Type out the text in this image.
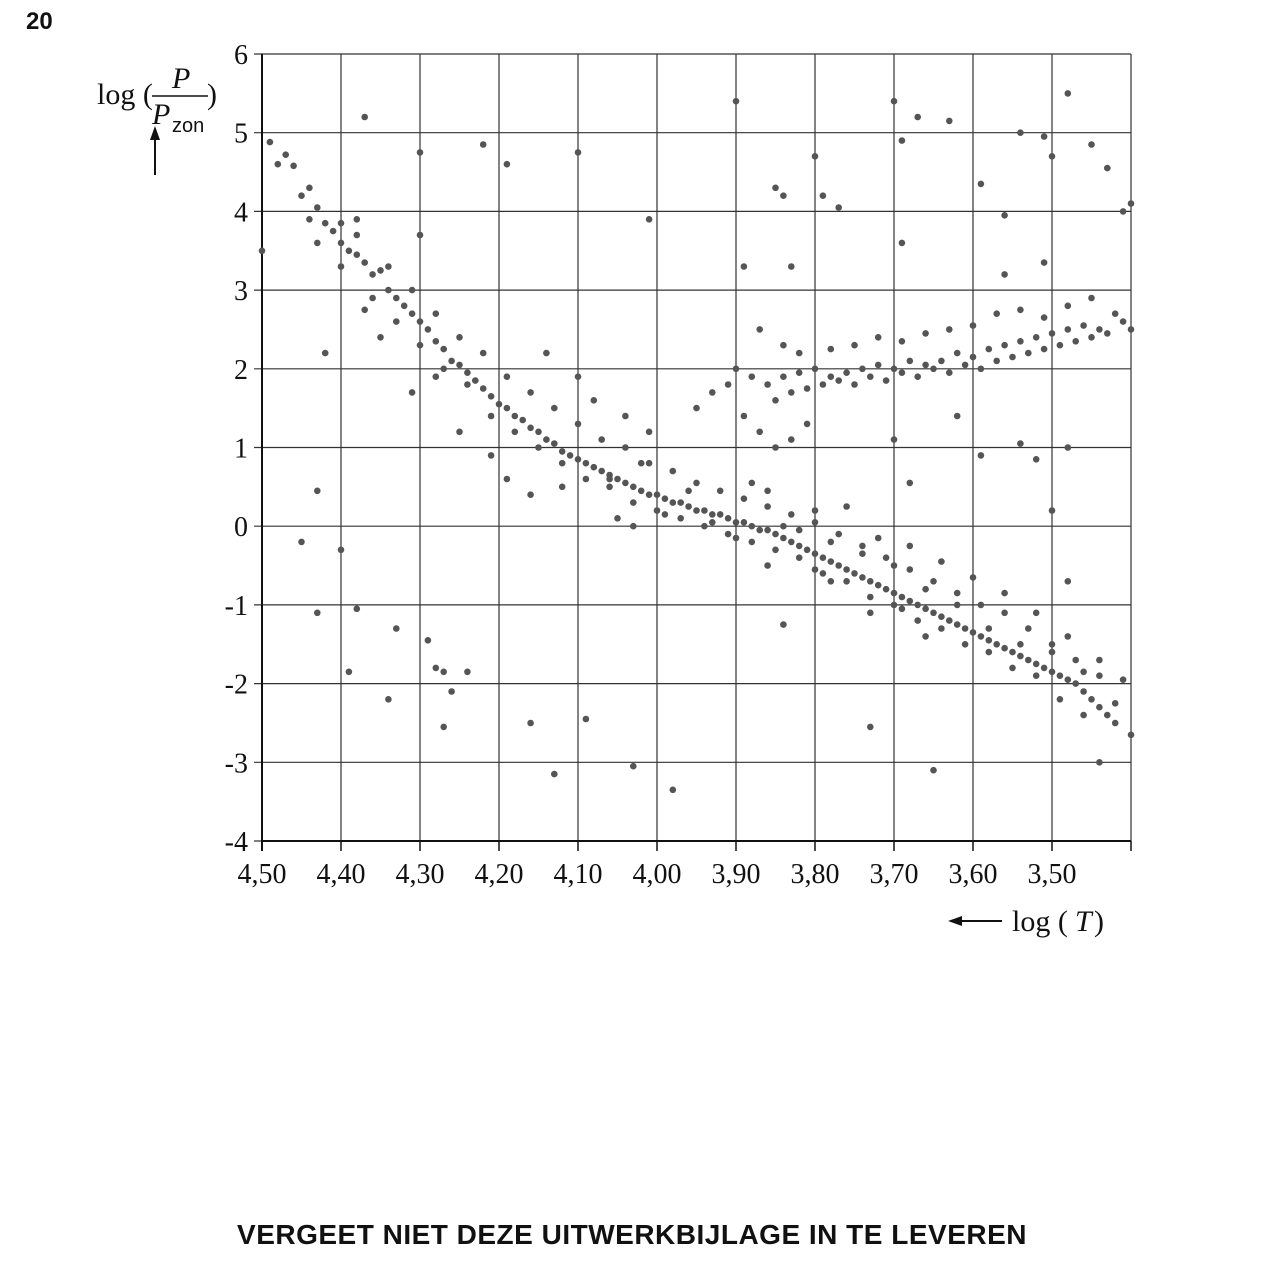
20
4,50 4,40 4,30 4,20 4,10 4,00 3,90 3,80 3,70 3,60 3,50
6
5
4
3
2
1
0
-1
-2
-3
-4
log ( P
P zon
)
log ( T )
VERGEET NIET DEZE UITWERKBIJLAGE IN TE LEVEREN
